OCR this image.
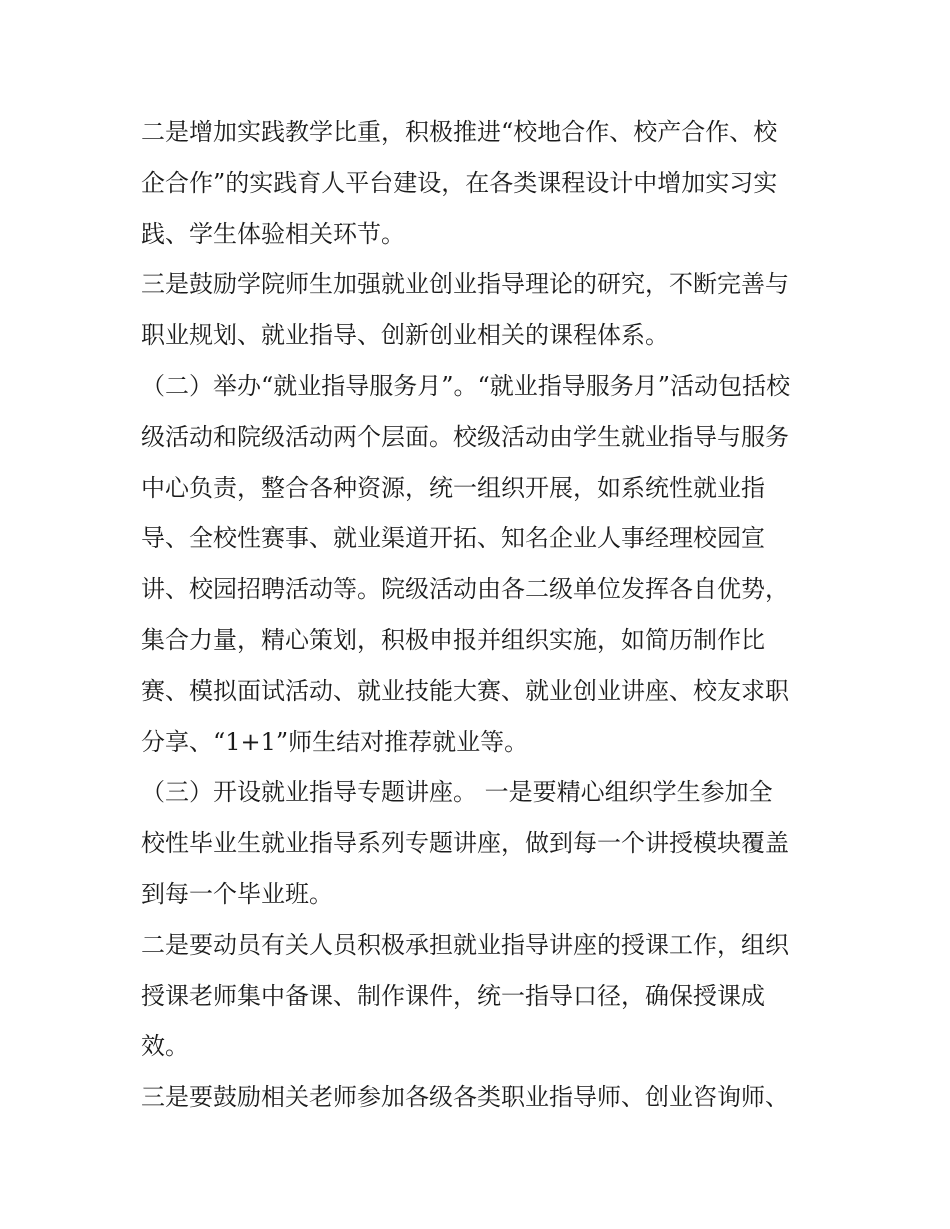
二是增加实践教学比重，积极推进“校地合作、校产合作、校
企合作”的实践育人平台建设，在各类课程设计中增加实习实
践、学生体验相关环节。

三是鼓励学院师生加强就业创业指导理论的研究，不断完善与
职业规划、就业指导、创新创业相关的课程体系。

（二）举办“就业指导服务月”。“就业指导服务月”活动包括校
级活动和院级活动两个层面。校级活动由学生就业指导与服务
中心负责，整合各种资源，统一组织开展，如系统性就业指
导、全校性赛事、就业渠道开拓、知名企业人事经理校园宣
讲、校园招聘活动等。院级活动由各二级单位发挥各自优势，
集合力量，精心策划，积极申报并组织实施，如简历制作比
赛、模拟面试活动、就业技能大赛、就业创业讲座、校友求职
分享、“1+1”师生结对推荐就业等。

（三）开设就业指导专题讲座。 一是要精心组织学生参加全
校性毕业生就业指导系列专题讲座，做到每一个讲授模块覆盖
到每一个毕业班。

二是要动员有关人员积极承担就业指导讲座的授课工作，组织
授课老师集中备课、制作课件，统一指导口径，确保授课成
效。

三是要鼓励相关老师参加各级各类职业指导师、创业咨询师、
